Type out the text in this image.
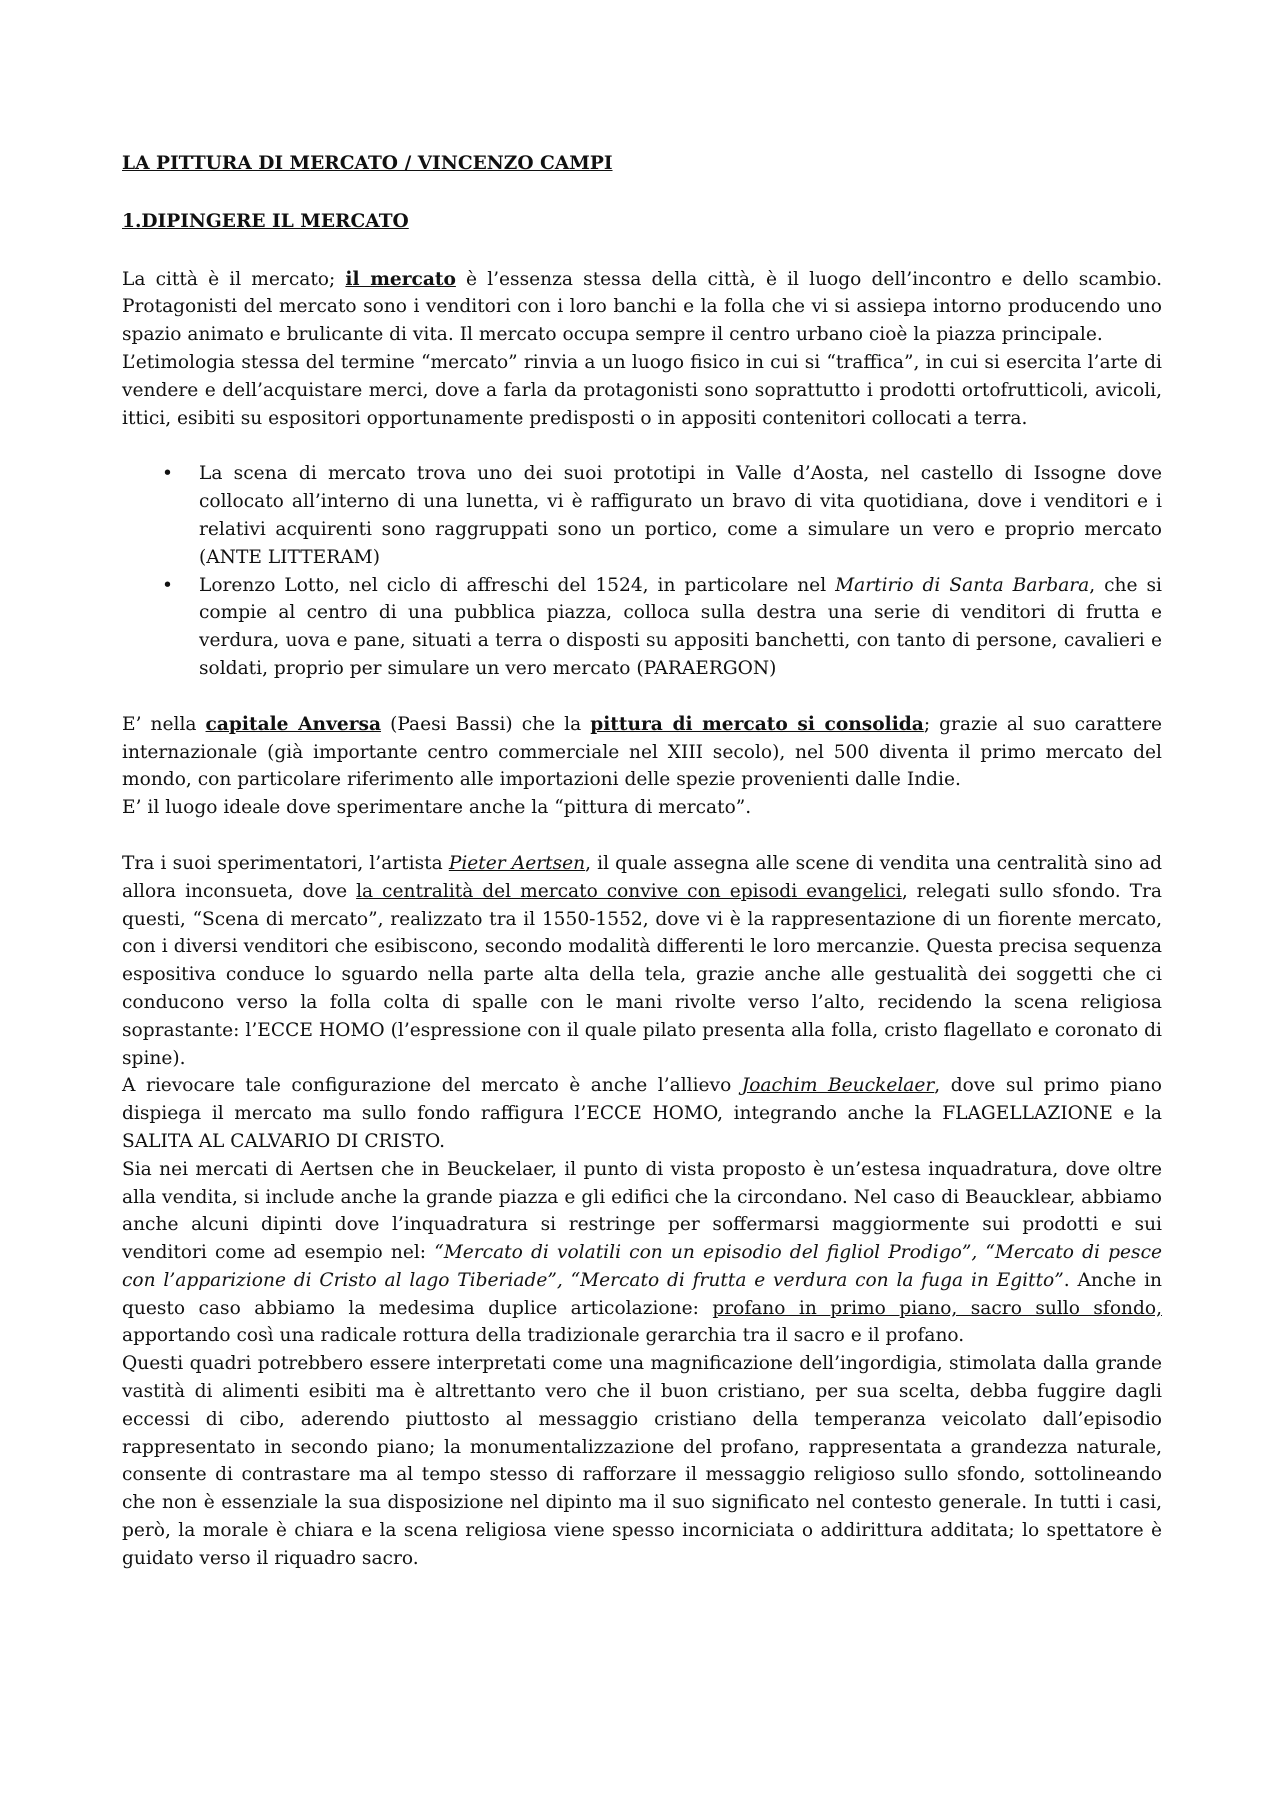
LA PITTURA DI MERCATO / VINCENZO CAMPI
1.DIPINGERE IL MERCATO

La città è il mercato; il mercato è l’essenza stessa della città, è il luogo dell’incontro e dello scambio. Protagonisti del mercato sono i venditori con i loro banchi e la folla che vi si assiepa intorno producendo uno spazio animato e brulicante di vita. Il mercato occupa sempre il centro urbano cioè la piazza principale.

L’etimologia stessa del termine “mercato” rinvia a un luogo fisico in cui si “traffica”, in cui si esercita l’arte di vendere e dell’acquistare merci, dove a farla da protagonisti sono soprattutto i prodotti ortofrutticoli, avicoli, ittici, esibiti su espositori opportunamente predisposti o in appositi contenitori collocati a terra.

• La scena di mercato trova uno dei suoi prototipi in Valle d’Aosta, nel castello di Issogne dove collocato all’interno di una lunetta, vi è raffigurato un bravo di vita quotidiana, dove i venditori e i relativi acquirenti sono raggruppati sono un portico, come a simulare un vero e proprio mercato (ANTE LITTERAM)
• Lorenzo Lotto, nel ciclo di affreschi del 1524, in particolare nel Martirio di Santa Barbara, che si compie al centro di una pubblica piazza, colloca sulla destra una serie di venditori di frutta e verdura, uova e pane, situati a terra o disposti su appositi banchetti, con tanto di persone, cavalieri e soldati, proprio per simulare un vero mercato (PARAERGON)

E’ nella capitale Anversa (Paesi Bassi) che la pittura di mercato si consolida; grazie al suo carattere internazionale (già importante centro commerciale nel XIII secolo), nel 500 diventa il primo mercato del mondo, con particolare riferimento alle importazioni delle spezie provenienti dalle Indie.

E’ il luogo ideale dove sperimentare anche la “pittura di mercato”.

Tra i suoi sperimentatori, l’artista Pieter Aertsen, il quale assegna alle scene di vendita una centralità sino ad allora inconsueta, dove la centralità del mercato convive con episodi evangelici, relegati sullo sfondo. Tra questi, “Scena di mercato”, realizzato tra il 1550-1552, dove vi è la rappresentazione di un fiorente mercato, con i diversi venditori che esibiscono, secondo modalità differenti le loro mercanzie. Questa precisa sequenza espositiva conduce lo sguardo nella parte alta della tela, grazie anche alle gestualità dei soggetti che ci conducono verso la folla colta di spalle con le mani rivolte verso l’alto, recidendo la scena religiosa soprastante: l’ECCE HOMO (l’espressione con il quale pilato presenta alla folla, cristo flagellato e coronato di spine).

A rievocare tale configurazione del mercato è anche l’allievo Joachim Beuckelaer, dove sul primo piano dispiega il mercato ma sullo fondo raffigura l’ECCE HOMO, integrando anche la FLAGELLAZIONE e la SALITA AL CALVARIO DI CRISTO.

Sia nei mercati di Aertsen che in Beuckelaer, il punto di vista proposto è un’estesa inquadratura, dove oltre alla vendita, si include anche la grande piazza e gli edifici che la circondano. Nel caso di Beaucklear, abbiamo anche alcuni dipinti dove l’inquadratura si restringe per soffermarsi maggiormente sui prodotti e sui venditori come ad esempio nel: “Mercato di volatili con un episodio del figliol Prodigo”, “Mercato di pesce con l’apparizione di Cristo al lago Tiberiade”, “Mercato di frutta e verdura con la fuga in Egitto”. Anche in questo caso abbiamo la medesima duplice articolazione: profano in primo piano, sacro sullo sfondo, apportando così una radicale rottura della tradizionale gerarchia tra il sacro e il profano.

Questi quadri potrebbero essere interpretati come una magnificazione dell’ingordigia, stimolata dalla grande vastità di alimenti esibiti ma è altrettanto vero che il buon cristiano, per sua scelta, debba fuggire dagli eccessi di cibo, aderendo piuttosto al messaggio cristiano della temperanza veicolato dall’episodio rappresentato in secondo piano; la monumentalizzazione del profano, rappresentata a grandezza naturale, consente di contrastare ma al tempo stesso di rafforzare il messaggio religioso sullo sfondo, sottolineando che non è essenziale la sua disposizione nel dipinto ma il suo significato nel contesto generale. In tutti i casi, però, la morale è chiara e la scena religiosa viene spesso incorniciata o addirittura additata; lo spettatore è guidato verso il riquadro sacro.
